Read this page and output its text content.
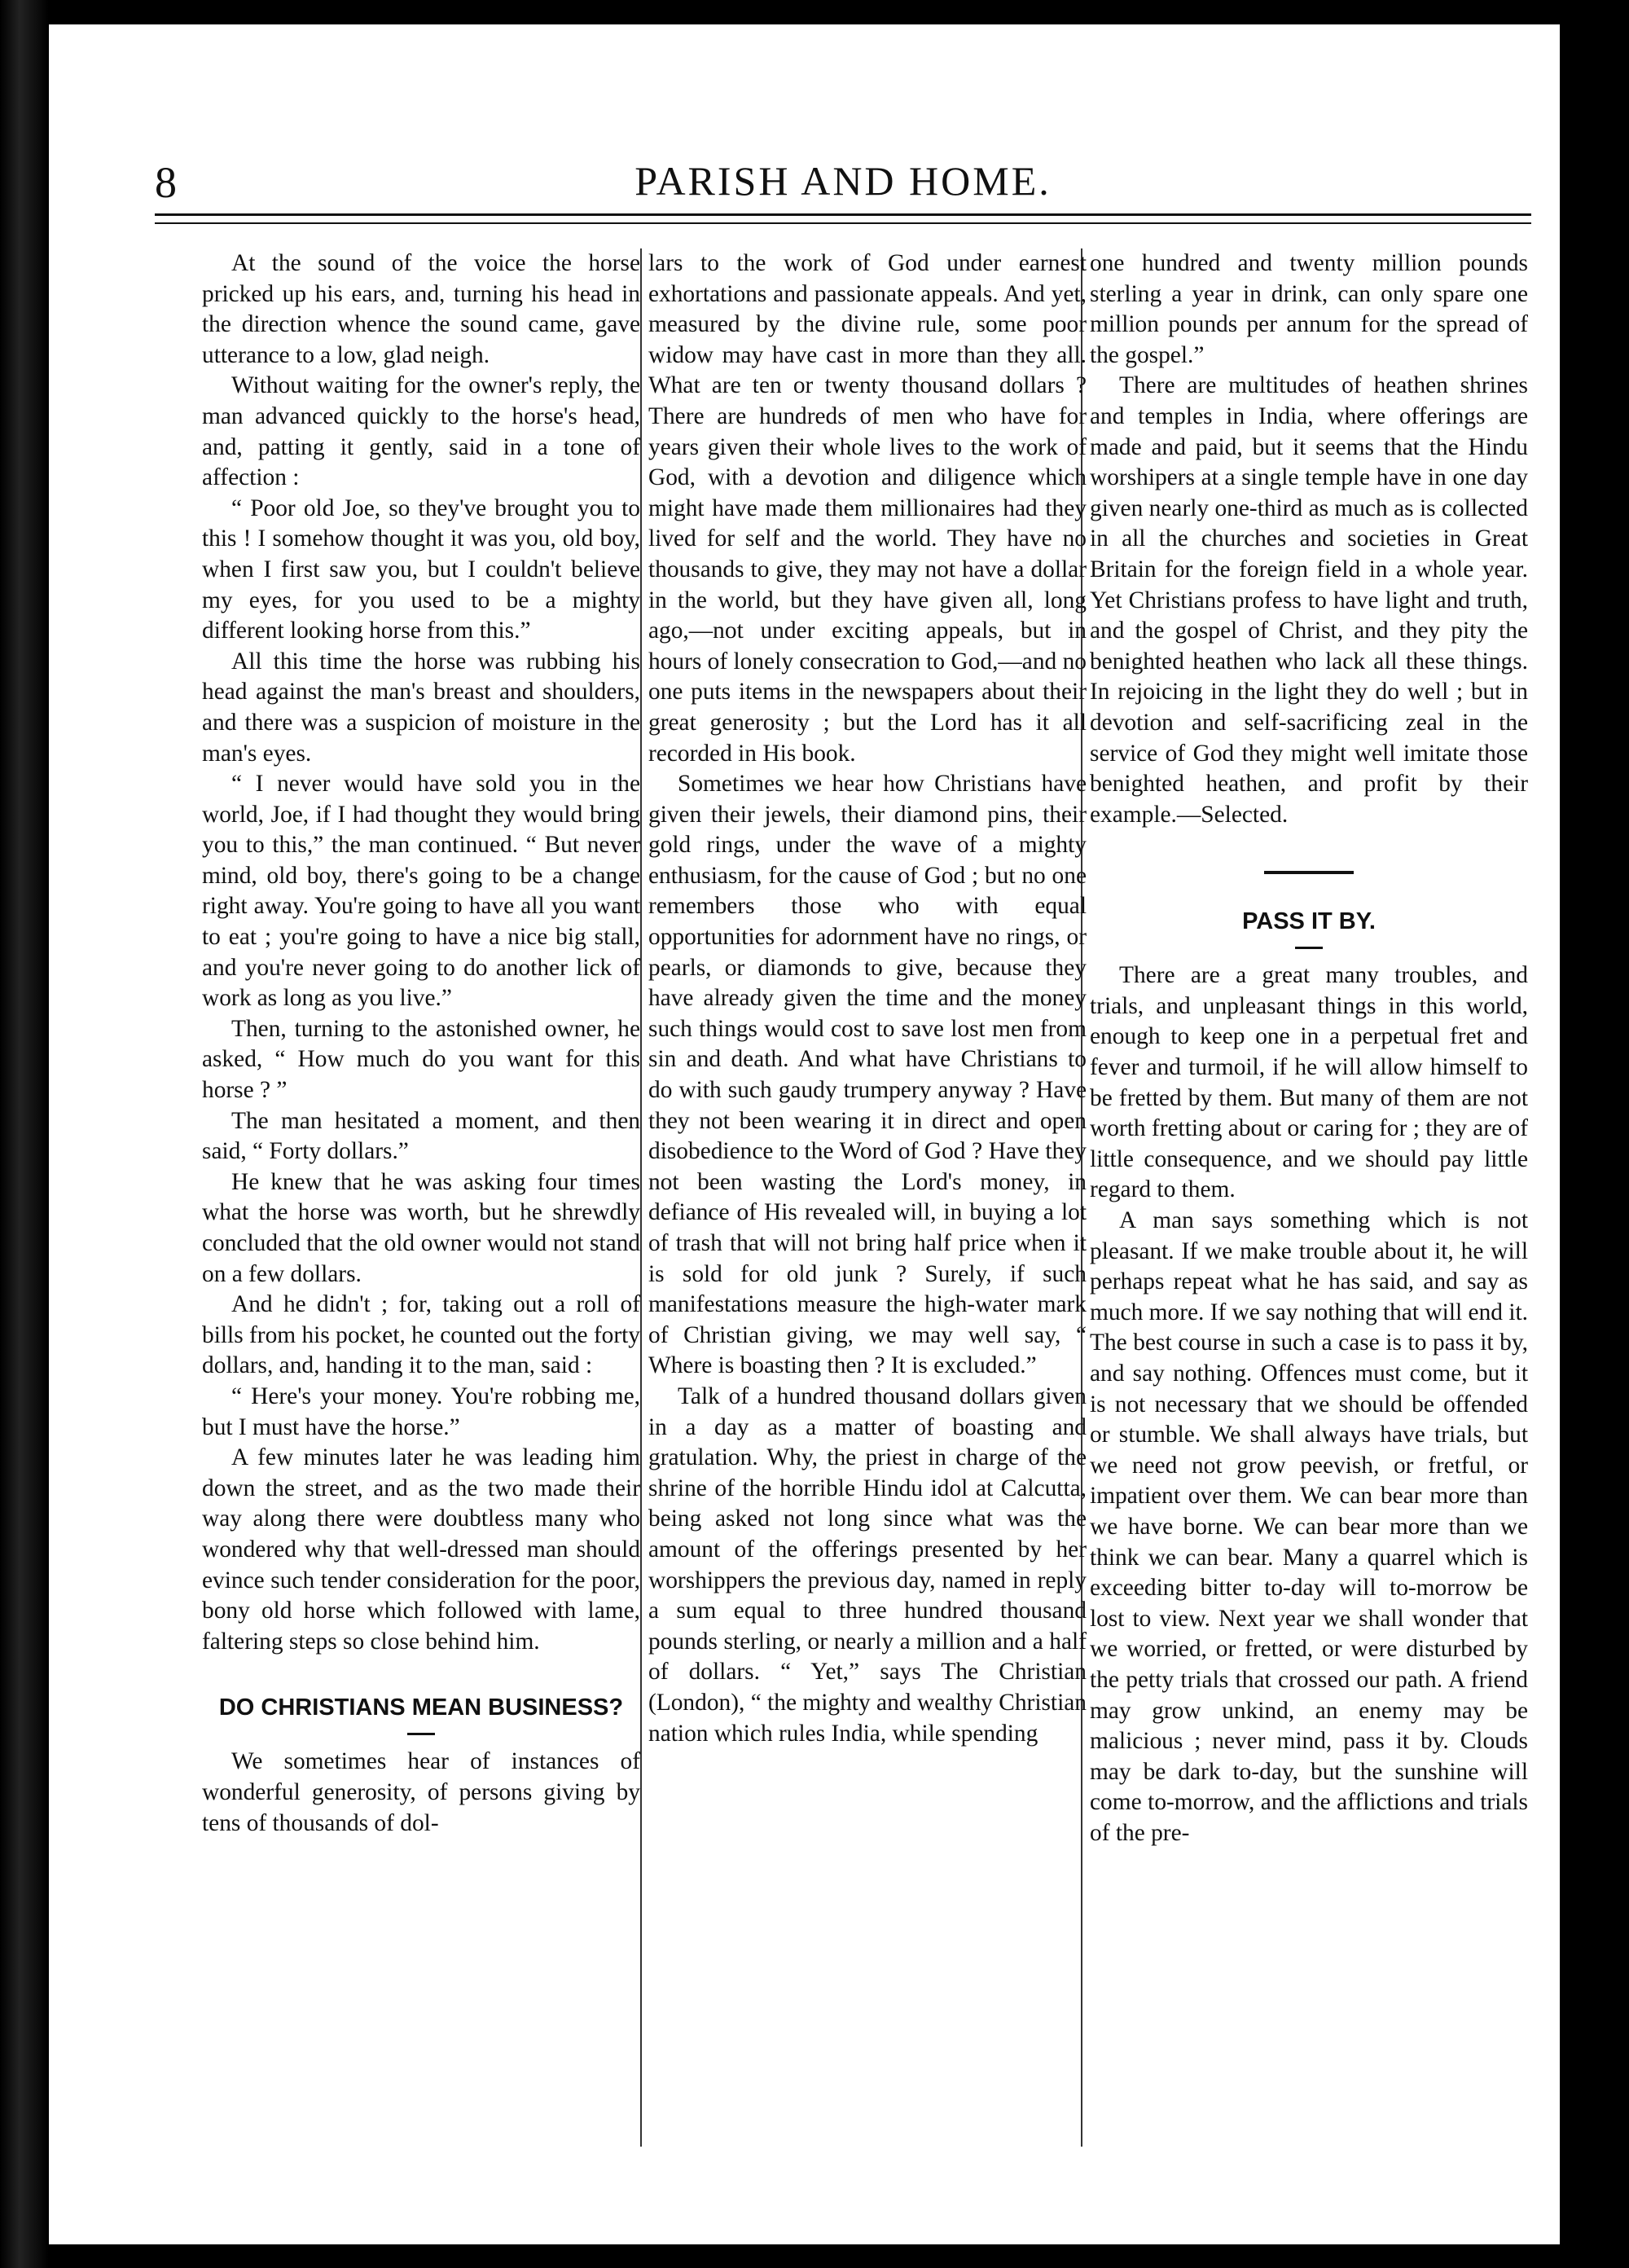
8	PARISH AND HOME.

At the sound of the voice the horse pricked up his ears, and, turning his head in the direction whence the sound came, gave utterance to a low, glad neigh.

Without waiting for the owner's reply, the man advanced quickly to the horse's head, and, patting it gently, said in a tone of affection :

“ Poor old Joe, so they've brought you to this ! I somehow thought it was you, old boy, when I first saw you, but I couldn't believe my eyes, for you used to be a mighty different looking horse from this.”

All this time the horse was rubbing his head against the man's breast and shoulders, and there was a suspicion of moisture in the man's eyes.

“ I never would have sold you in the world, Joe, if I had thought they would bring you to this,” the man continued. “ But never mind, old boy, there's going to be a change right away. You're going to have all you want to eat ; you're going to have a nice big stall, and you're never going to do another lick of work as long as you live.”

Then, turning to the astonished owner, he asked, “ How much do you want for this horse ? ”

The man hesitated a moment, and then said, “ Forty dollars.”

He knew that he was asking four times what the horse was worth, but he shrewdly concluded that the old owner would not stand on a few dollars.

And he didn't ; for, taking out a roll of bills from his pocket, he counted out the forty dollars, and, handing it to the man, said :

“ Here's your money. You're robbing me, but I must have the horse.”

A few minutes later he was leading him down the street, and as the two made their way along there were doubtless many who wondered why that well-dressed man should evince such tender consideration for the poor, bony old horse which followed with lame, faltering steps so close behind him.

DO CHRISTIANS MEAN BUSINESS?

We sometimes hear of instances of wonderful generosity, of persons giving by tens of thousands of dol-

lars to the work of God under earnest exhortations and passionate appeals. And yet, measured by the divine rule, some poor widow may have cast in more than they all. What are ten or twenty thousand dollars ? There are hundreds of men who have for years given their whole lives to the work of God, with a devotion and diligence which might have made them millionaires had they lived for self and the world. They have no thousands to give, they may not have a dollar in the world, but they have given all, long ago,—not under exciting appeals, but in hours of lonely consecration to God,—and no one puts items in the newspapers about their great generosity ; but the Lord has it all recorded in His book.

Sometimes we hear how Christians have given their jewels, their diamond pins, their gold rings, under the wave of a mighty enthusiasm, for the cause of God ; but no one remembers those who with equal opportunities for adornment have no rings, or pearls, or diamonds to give, because they have already given the time and the money such things would cost to save lost men from sin and death. And what have Christians to do with such gaudy trumpery anyway ? Have they not been wearing it in direct and open disobedience to the Word of God ? Have they not been wasting the Lord's money, in defiance of His revealed will, in buying a lot of trash that will not bring half price when it is sold for old junk ? Surely, if such manifestations measure the high-water mark of Christian giving, we may well say, “ Where is boasting then ? It is excluded.”

Talk of a hundred thousand dollars given in a day as a matter of boasting and gratulation. Why, the priest in charge of the shrine of the horrible Hindu idol at Calcutta, being asked not long since what was the amount of the offerings presented by her worshippers the previous day, named in reply a sum equal to three hundred thousand pounds sterling, or nearly a million and a half of dollars. “ Yet,” says The Christian (London), “ the mighty and wealthy Christian nation which rules India, while spending

one hundred and twenty million pounds sterling a year in drink, can only spare one million pounds per annum for the spread of the gospel.”

There are multitudes of heathen shrines and temples in India, where offerings are made and paid, but it seems that the Hindu worshipers at a single temple have in one day given nearly one-third as much as is collected in all the churches and societies in Great Britain for the foreign field in a whole year. Yet Christians profess to have light and truth, and the gospel of Christ, and they pity the benighted heathen who lack all these things. In rejoicing in the light they do well ; but in devotion and self-sacrificing zeal in the service of God they might well imitate those benighted heathen, and profit by their example.—Selected.

PASS IT BY.

There are a great many troubles, and trials, and unpleasant things in this world, enough to keep one in a perpetual fret and fever and turmoil, if he will allow himself to be fretted by them. But many of them are not worth fretting about or caring for ; they are of little consequence, and we should pay little regard to them.

A man says something which is not pleasant. If we make trouble about it, he will perhaps repeat what he has said, and say as much more. If we say nothing that will end it. The best course in such a case is to pass it by, and say nothing. Offences must come, but it is not necessary that we should be offended or stumble. We shall always have trials, but we need not grow peevish, or fretful, or impatient over them. We can bear more than we have borne. We can bear more than we think we can bear. Many a quarrel which is exceeding bitter to-day will to-morrow be lost to view. Next year we shall wonder that we worried, or fretted, or were disturbed by the petty trials that crossed our path. A friend may grow unkind, an enemy may be malicious ; never mind, pass it by. Clouds may be dark to-day, but the sunshine will come to-morrow, and the afflictions and trials of the pre-
